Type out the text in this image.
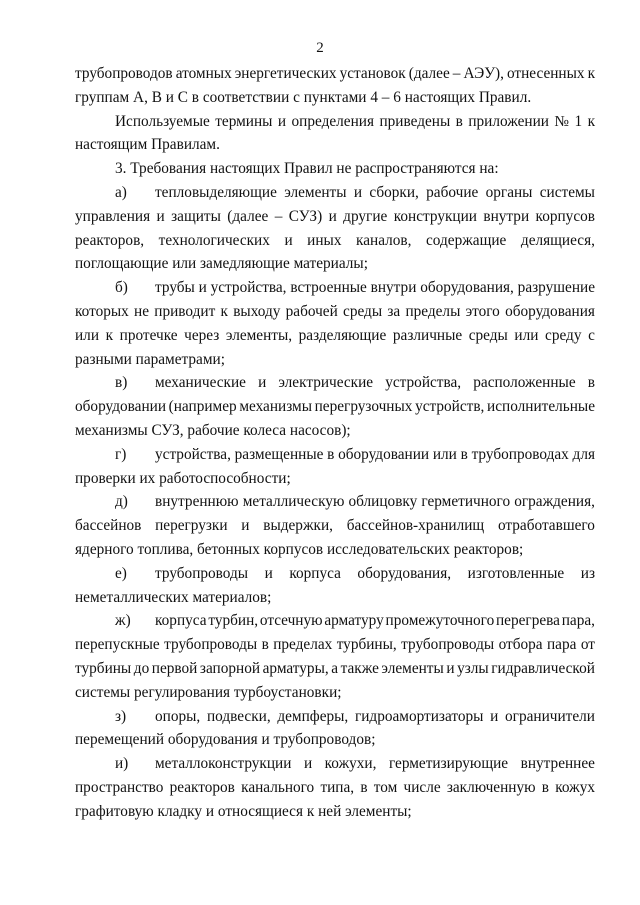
2
трубопроводов атомных энергетических установок (далее – АЭУ), отнесенных к
группам А, В и С в соответствии с пунктами 4 – 6 настоящих Правил.
Используемые термины и определения приведены в приложении № 1 к
настоящим Правилам.
3. Требования настоящих Правил не распространяются на:
а)	тепловыделяющие элементы и сборки, рабочие органы системы
управления и защиты (далее – СУЗ) и другие конструкции внутри корпусов
реакторов, технологических и иных каналов, содержащие делящиеся,
поглощающие или замедляющие материалы;
б)	трубы и устройства, встроенные внутри оборудования, разрушение
которых не приводит к выходу рабочей среды за пределы этого оборудования
или к протечке через элементы, разделяющие различные среды или среду с
разными параметрами;
в)	механические и электрические устройства, расположенные в
оборудовании (например механизмы перегрузочных устройств, исполнительные
механизмы СУЗ, рабочие колеса насосов);
г)	устройства, размещенные в оборудовании или в трубопроводах для
проверки их работоспособности;
д)	внутреннюю металлическую облицовку герметичного ограждения,
бассейнов перегрузки и выдержки, бассейнов-хранилищ отработавшего
ядерного топлива, бетонных корпусов исследовательских реакторов;
е)	трубопроводы и корпуса оборудования, изготовленные из
неметаллических материалов;
ж)	корпуса турбин, отсечную арматуру промежуточного перегрева пара,
перепускные трубопроводы в пределах турбины, трубопроводы отбора пара от
турбины до первой запорной арматуры, а также элементы и узлы гидравлической
системы регулирования турбоустановки;
з)	опоры, подвески, демпферы, гидроамортизаторы и ограничители
перемещений оборудования и трубопроводов;
и)	металлоконструкции и кожухи, герметизирующие внутреннее
пространство реакторов канального типа, в том числе заключенную в кожух
графитовую кладку и относящиеся к ней элементы;
